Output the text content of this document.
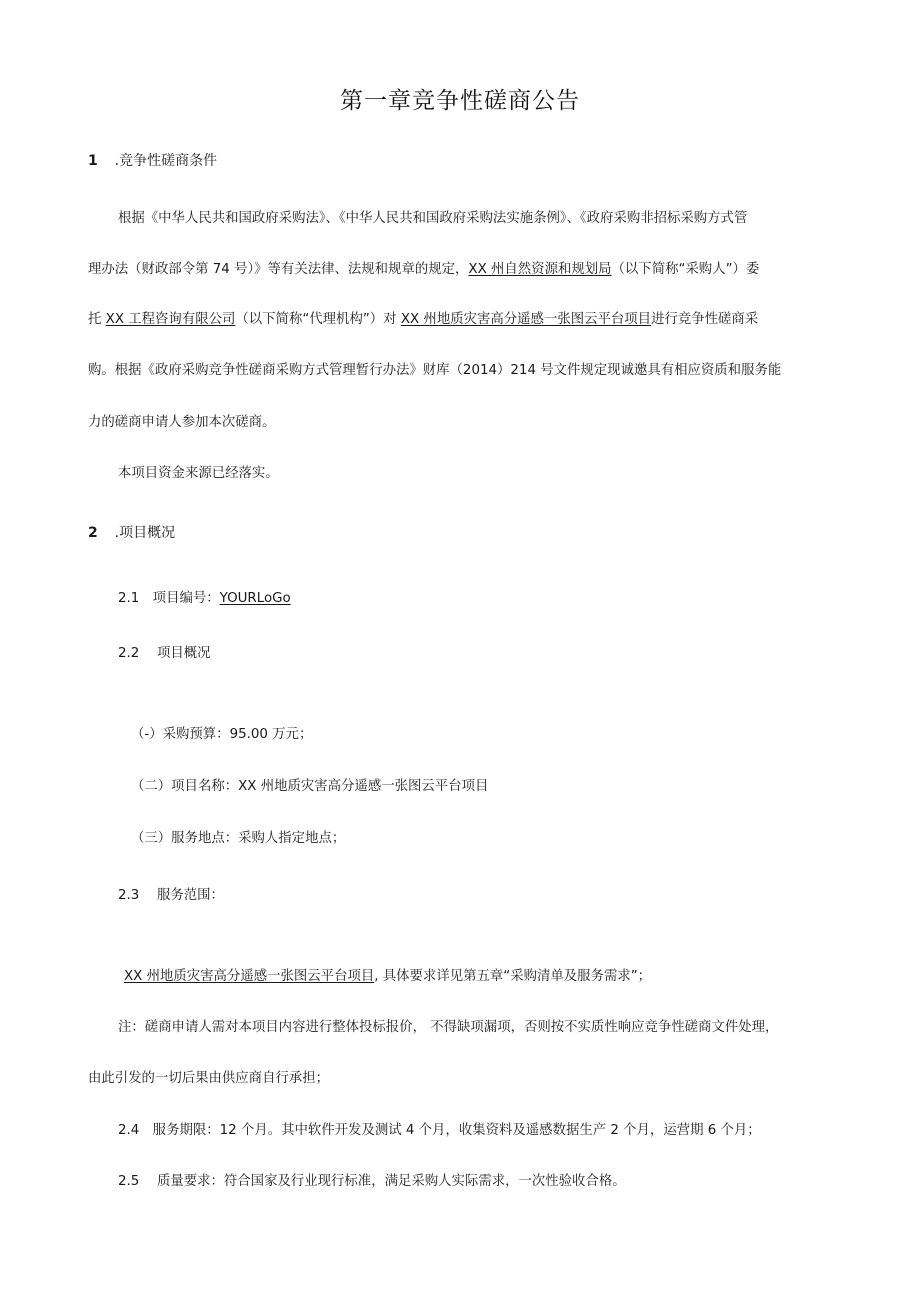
第一章竞争性磋商公告
1 .竞争性磋商条件
根据《中华人民共和国政府采购法》、《中华人民共和国政府采购法实施条例》、《政府采购非招标采购方式管
理办法（财政部令第 74 号）》等有关法律、法规和规章的规定，XX 州自然资源和规划局（以下简称“采购人”）委
托 XX 工程咨询有限公司（以下简称“代理机构”）对 XX 州地质灾害高分遥感一张图云平台项目进行竞争性磋商采
购。根据《政府采购竞争性磋商采购方式管理暂行办法》财库（2014）214 号文件规定现诚邀具有相应资质和服务能
力的磋商申请人参加本次磋商。
本项目资金来源已经落实。
2 .项目概况
2.1　项目编号：YOURLoGo
2.2　 项目概况
（-）采购预算：95.00 万元；
（二）项目名称：XX 州地质灾害高分遥感一张图云平台项目
（三）服务地点：采购人指定地点；
2.3　 服务范围：
XX 州地质灾害高分遥感一张图云平台项目, 具体要求详见第五章“采购清单及服务需求”；
注：磋商申请人需对本项目内容进行整体投标报价， 不得缺项漏项，否则按不实质性响应竞争性磋商文件处理，
由此引发的一切后果由供应商自行承担；
2.4　服务期限：12 个月。其中软件开发及测试 4 个月，收集资料及遥感数据生产 2 个月，运营期 6 个月；
2.5　 质量要求：符合国家及行业现行标准，满足采购人实际需求，一次性验收合格。
